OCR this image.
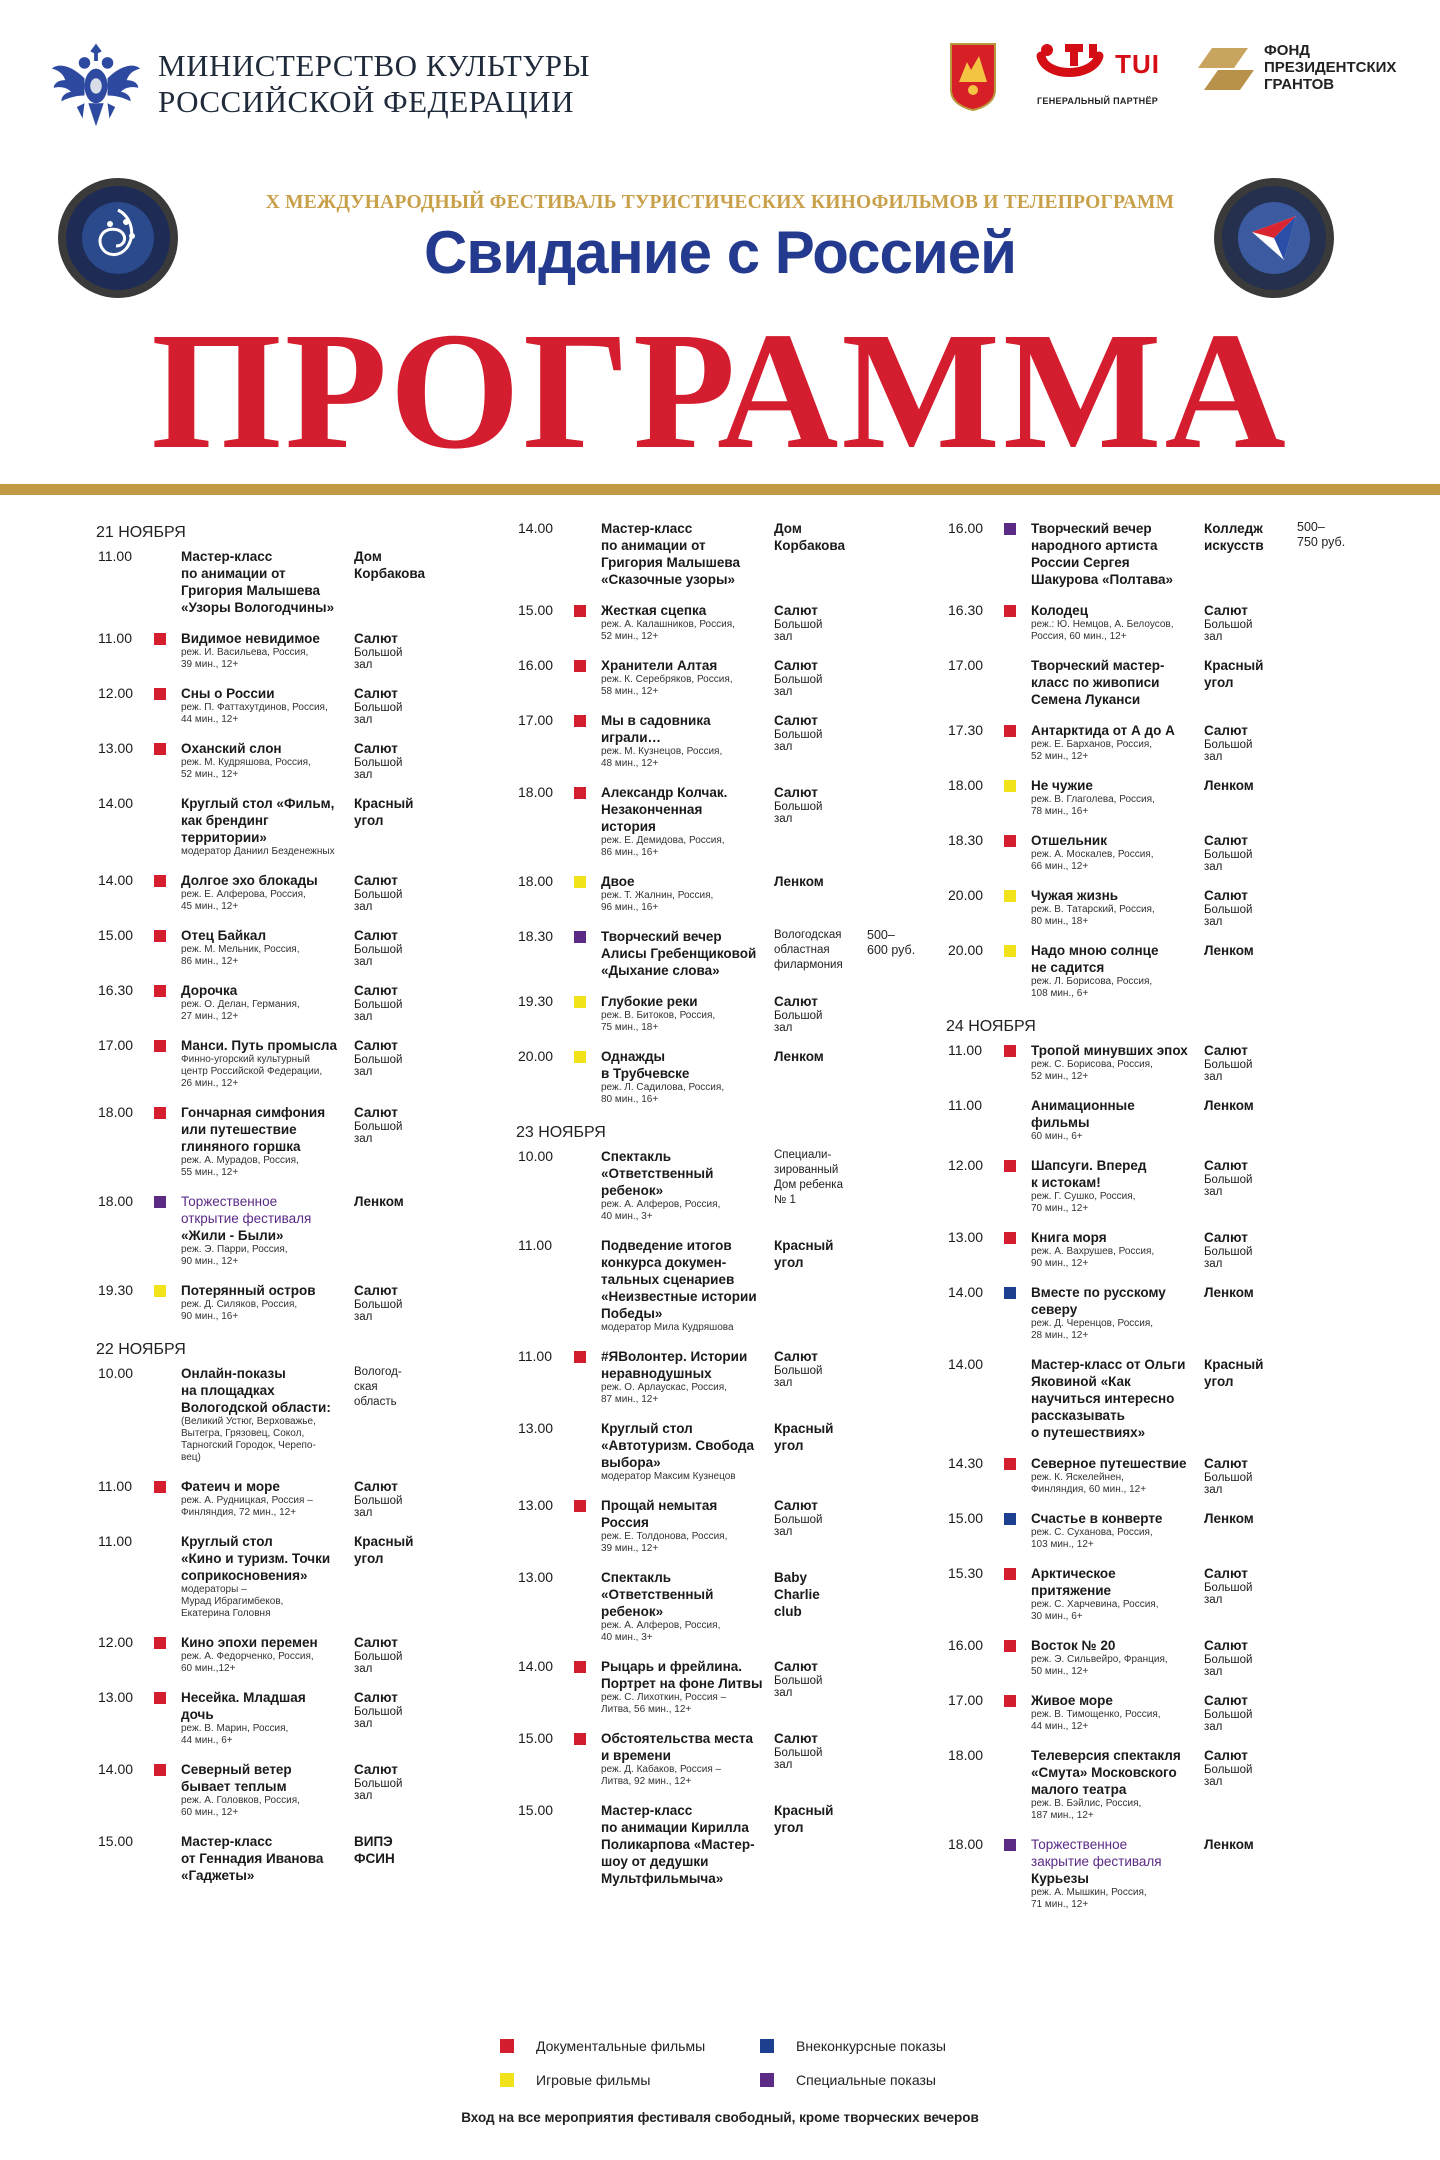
МИНИСТЕРСТВО КУЛЬТУРЫ
РОССИЙСКОЙ ФЕДЕРАЦИИ
TUI
ГЕНЕРАЛЬНЫЙ ПАРТНЁР
ФОНД
ПРЕЗИДЕНТСКИХ
ГРАНТОВ
X МЕЖДУНАРОДНЫЙ ФЕСТИВАЛЬ ТУРИСТИЧЕСКИХ КИНОФИЛЬМОВ И ТЕЛЕПРОГРАММ
Свидание с Россией
ПРОГРАММА
21 НОЯБРЯ
11.00	Мастер-класс
по анимации от
Григория Малышева
«Узоры Вологодчины»
Дом
Корбакова
11.00	Видимое невидимое
реж. И. Васильева, Россия,
39 мин., 12+
Салют
Большой
зал
12.00	Сны о России
реж. П. Фаттахутдинов, Россия,
44 мин., 12+
Салют
Большой
зал
13.00	Оханский слон
реж. М. Кудряшова, Россия,
52 мин., 12+
Салют
Большой
зал
14.00	Круглый стол «Фильм,
как брендинг
территории»
модератор Даниил Безденежных
Красный
угол
14.00	Долгое эхо блокады
реж. Е. Алферова, Россия,
45 мин., 12+
Салют
Большой
зал
15.00	Отец Байкал
реж. М. Мельник, Россия,
86 мин., 12+
Салют
Большой
зал
16.30	Дорочка
реж. О. Делан, Германия,
27 мин., 12+
Салют
Большой
зал
17.00	Манси. Путь промысла
Финно-угорский культурный
центр Российской Федерации,
26 мин., 12+
Салют
Большой
зал
18.00	Гончарная симфония
или путешествие
глиняного горшка
реж. А. Мурадов, Россия,
55 мин., 12+
Салют
Большой
зал
18.00	Торжественное
открытие фестиваля
«Жили - Были»
реж. Э. Парри, Россия,
90 мин., 12+
Ленком
19.30	Потерянный остров
реж. Д. Силяков, Россия,
90 мин., 16+
Салют
Большой
зал
22 НОЯБРЯ
10.00	Онлайн-показы
на площадках
Вологодской области:
(Великий Устюг, Верховажье,
Вытегра, Грязовец, Сокол,
Тарногский Городок, Черепо-
вец)
Вологод-
ская
область
11.00	Фатеич и море
реж. А. Рудницкая, Россия –
Финляндия, 72 мин., 12+
Салют
Большой
зал
11.00	Круглый стол
«Кино и туризм. Точки
соприкосновения»
модераторы –
Мурад Ибрагимбеков,
Екатерина Головня
Красный
угол
12.00	Кино эпохи перемен
реж. А. Федорченко, Россия,
60 мин.,12+
Салют
Большой
зал
13.00	Несейка. Младшая
дочь
реж. В. Марин, Россия,
44 мин., 6+
Салют
Большой
зал
14.00	Северный ветер
бывает теплым
реж. А. Головков, Россия,
60 мин., 12+
Салют
Большой
зал
15.00	Мастер-класс
от Геннадия Иванова
«Гаджеты»
ВИПЭ
ФСИН
14.00	Мастер-класс
по анимации от
Григория Малышева
«Сказочные узоры»
Дом
Корбакова
15.00	Жесткая сцепка
реж. А. Калашников, Россия,
52 мин., 12+
Салют
Большой
зал
16.00	Хранители Алтая
реж. К. Серебряков, Россия,
58 мин., 12+
Салют
Большой
зал
17.00	Мы в садовника
играли…
реж. М. Кузнецов, Россия,
48 мин., 12+
Салют
Большой
зал
18.00	Александр Колчак.
Незаконченная
история
реж. Е. Демидова, Россия,
86 мин., 16+
Салют
Большой
зал
18.00	Двое
реж. Т. Жалнин, Россия,
96 мин., 16+
Ленком
18.30	Творческий вечер
Алисы Гребенщиковой
«Дыхание слова»
Вологодская
областная
филармония
500–
600 руб.
19.30	Глубокие реки
реж. В. Битоков, Россия,
75 мин., 18+
Салют
Большой
зал
20.00	Однажды
в Трубчевске
реж. Л. Садилова, Россия,
80 мин., 16+
Ленком
23 НОЯБРЯ
10.00	Спектакль
«Ответственный
ребенок»
реж. А. Алферов, Россия,
40 мин., 3+
Специали-
зированный
Дом ребенка
№ 1
11.00	Подведение итогов
конкурса докумен-
тальных сценариев
«Неизвестные истории
Победы»
модератор Мила Кудряшова
Красный
угол
11.00	#ЯВолонтер. Истории
неравнодушных
реж. О. Арлаускас, Россия,
87 мин., 12+
Салют
Большой
зал
13.00	Круглый стол
«Автотуризм. Свобода
выбора»
модератор Максим Кузнецов
Красный
угол
13.00	Прощай немытая
Россия
реж. Е. Толдонова, Россия,
39 мин., 12+
Салют
Большой
зал
13.00	Спектакль
«Ответственный
ребенок»
реж. А. Алферов, Россия,
40 мин., 3+
Baby
Charlie
club
14.00	Рыцарь и фрейлина.
Портрет на фоне Литвы
реж. С. Лихоткин, Россия –
Литва, 56 мин., 12+
Салют
Большой
зал
15.00	Обстоятельства места
и времени
реж. Д. Кабаков, Россия –
Литва, 92 мин., 12+
Салют
Большой
зал
15.00	Мастер-класс
по анимации Кирилла
Поликарпова «Мастер-
шоу от дедушки
Мультфильмыча»
Красный
угол
16.00	Творческий вечер
народного артиста
России Сергея
Шакурова «Полтава»
Колледж
искусств
500–
750 руб.
16.30	Колодец
реж.: Ю. Немцов, А. Белоусов,
Россия, 60 мин., 12+
Салют
Большой
зал
17.00	Творческий мастер-
класс по живописи
Семена Луканси
Красный
угол
17.30	Антарктида от А до А
реж. Е. Барханов, Россия,
52 мин., 12+
Салют
Большой
зал
18.00	Не чужие
реж. В. Глаголева, Россия,
78 мин., 16+
Ленком
18.30	Отшельник
реж. А. Москалев, Россия,
66 мин., 12+
Салют
Большой
зал
20.00	Чужая жизнь
реж. В. Татарский, Россия,
80 мин., 18+
Салют
Большой
зал
20.00	Надо мною солнце
не садится
реж. Л. Борисова, Россия,
108 мин., 6+
Ленком
24 НОЯБРЯ
11.00	Тропой минувших эпох
реж. С. Борисова, Россия,
52 мин., 12+
Салют
Большой
зал
11.00	Анимационные
фильмы
60 мин., 6+
Ленком
12.00	Шапсуги. Вперед
к истокам!
реж. Г. Сушко, Россия,
70 мин., 12+
Салют
Большой
зал
13.00	Книга моря
реж. А. Вахрушев, Россия,
90 мин., 12+
Салют
Большой
зал
14.00	Вместе по русскому
северу
реж. Д. Черенцов, Россия,
28 мин., 12+
Ленком
14.00	Мастер-класс от Ольги
Яковиной «Как
научиться интересно
рассказывать
о путешествиях»
Красный
угол
14.30	Северное путешествие
реж. К. Яскелейнен,
Финляндия, 60 мин., 12+
Салют
Большой
зал
15.00	Счастье в конверте
реж. С. Суханова, Россия,
103 мин., 12+
Ленком
15.30	Арктическое
притяжение
реж. С. Харчевина, Россия,
30 мин., 6+
Салют
Большой
зал
16.00	Восток № 20
реж. Э. Сильвейро, Франция,
50 мин., 12+
Салют
Большой
зал
17.00	Живое море
реж. В. Тимощенко, Россия,
44 мин., 12+
Салют
Большой
зал
18.00	Телеверсия спектакля
«Смута» Московского
малого театра
реж. В. Бэйлис, Россия,
187 мин., 12+
Салют
Большой
зал
18.00	Торжественное
закрытие фестиваля
Курьезы
реж. А. Мышкин, Россия,
71 мин., 12+
Ленком
Документальные фильмы	Внеконкурсные показы
Игровые фильмы	Специальные показы
Вход на все мероприятия фестиваля свободный, кроме творческих вечеров
